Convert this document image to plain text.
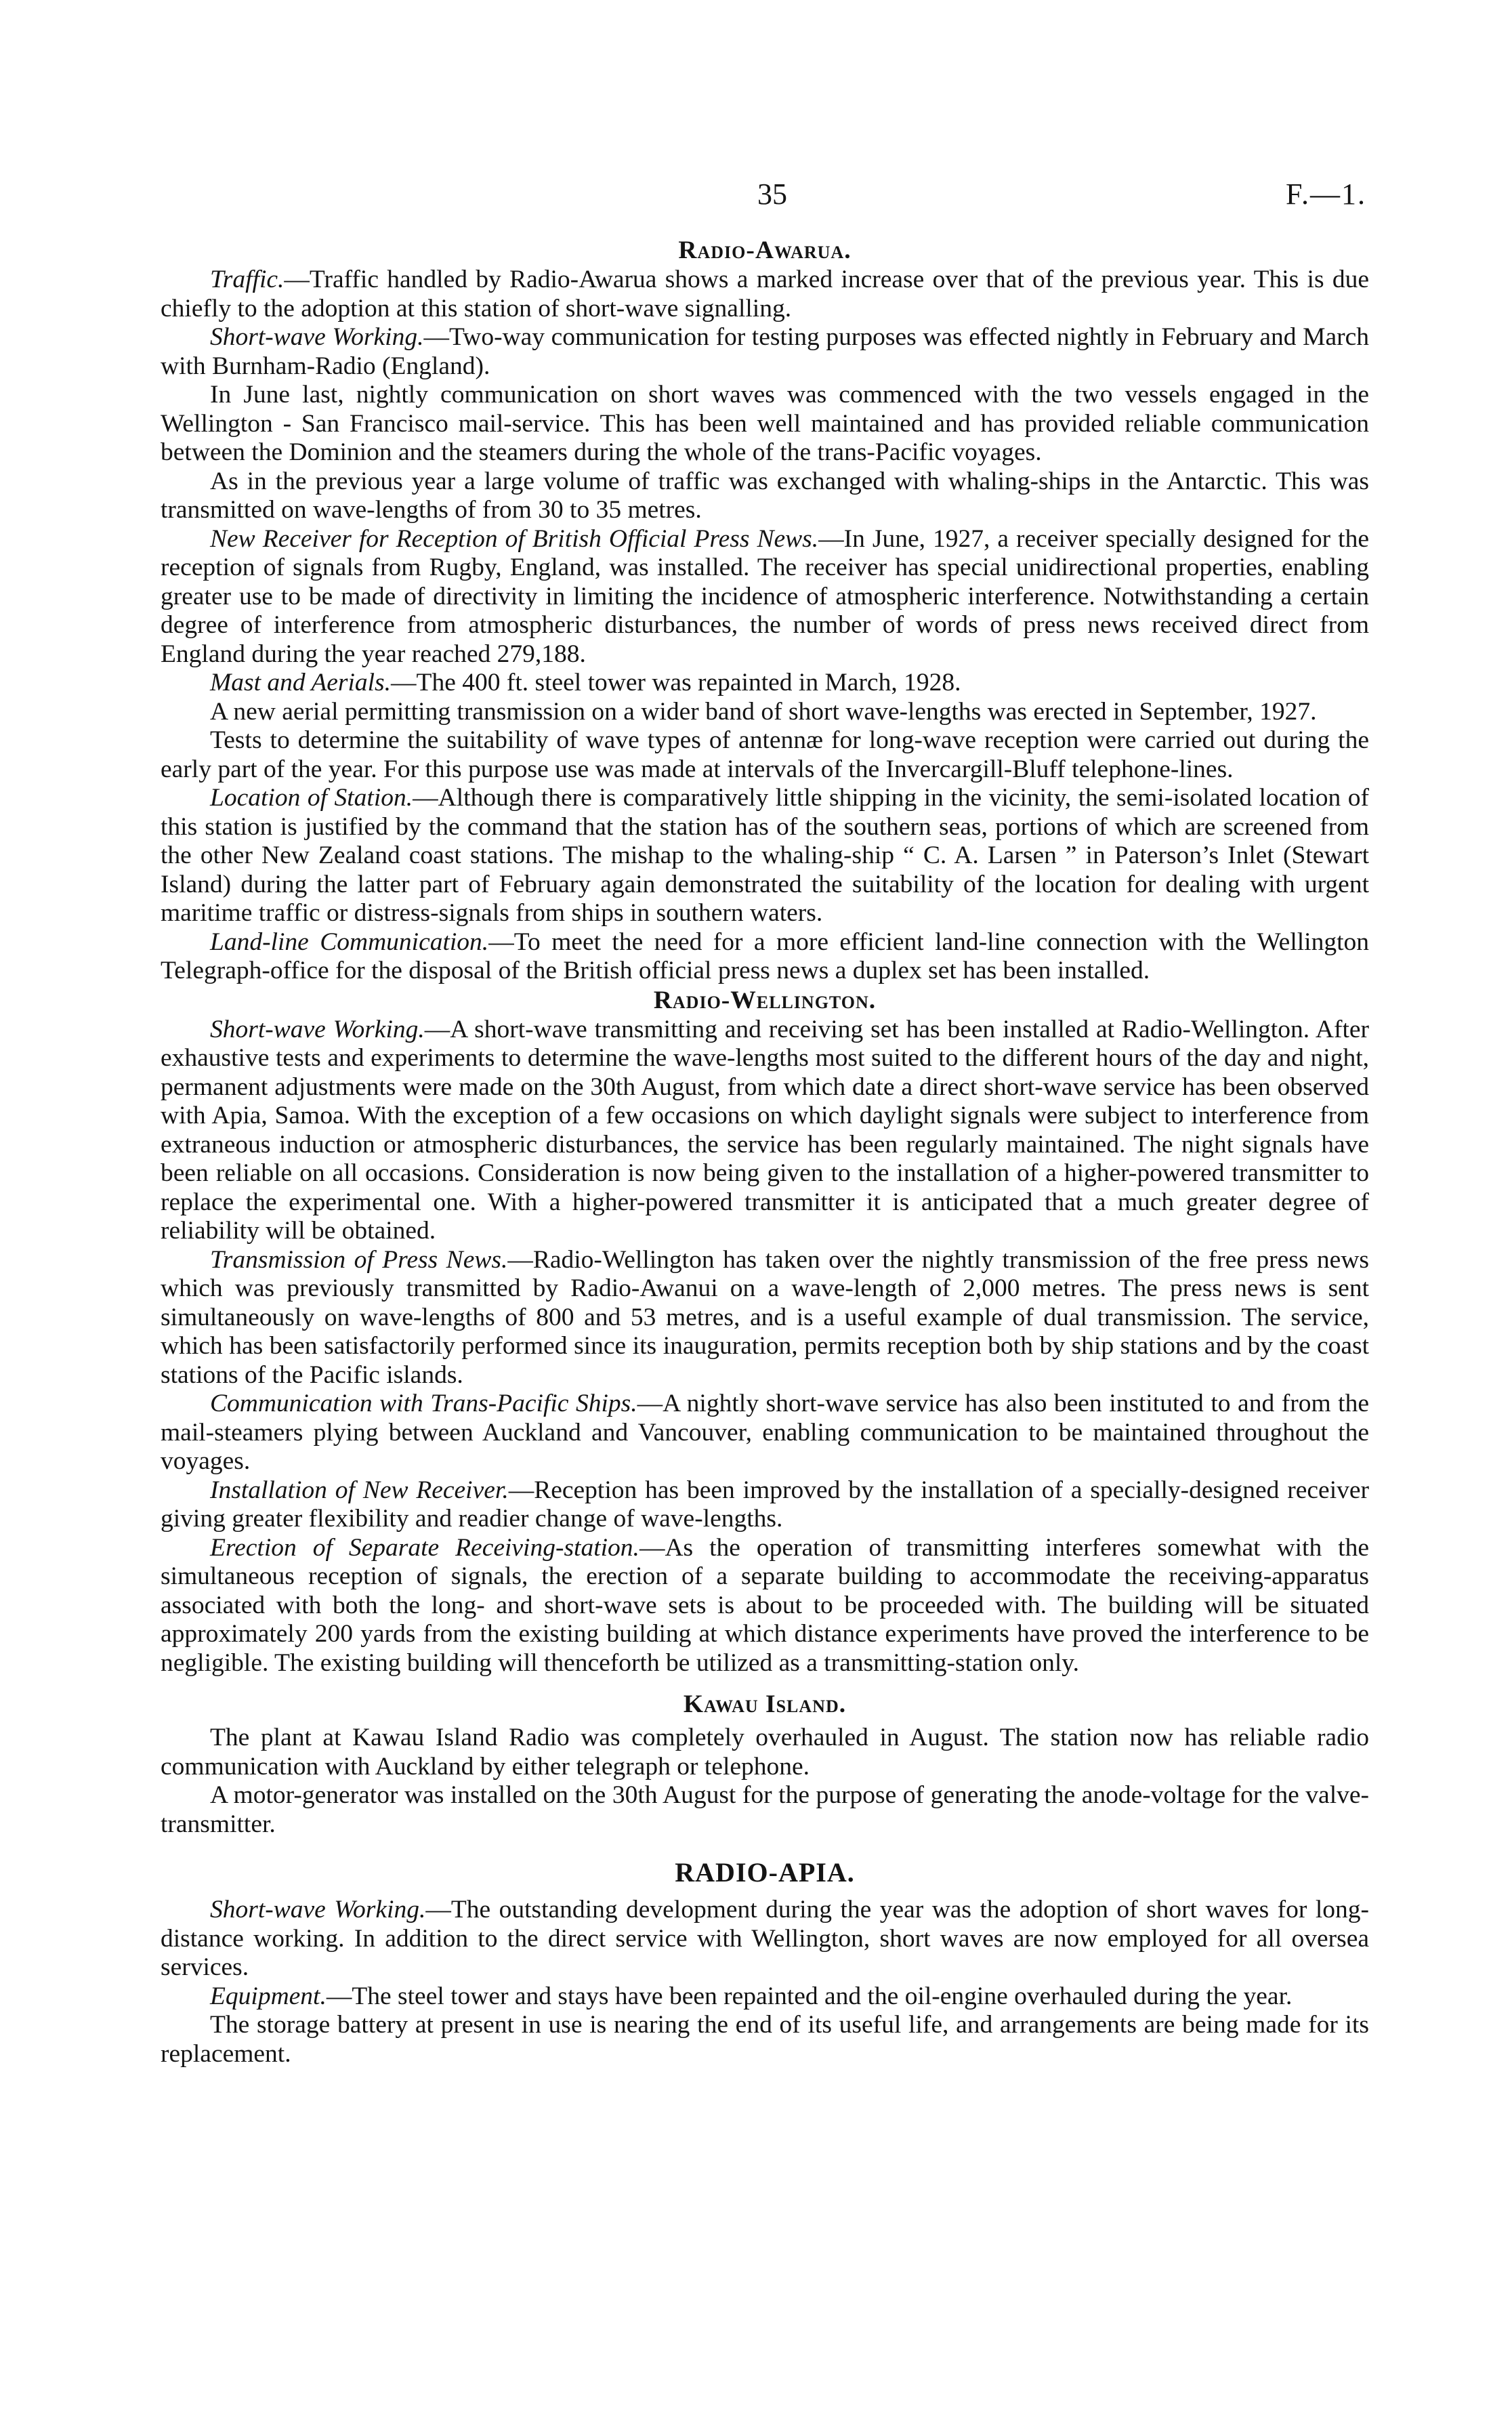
35	F.—1.
Radio-Awarua.

Traffic.—Traffic handled by Radio-Awarua shows a marked increase over that of the previous year. This is due chiefly to the adoption at this station of short-wave signalling.

Short-wave Working.—Two-way communication for testing purposes was effected nightly in February and March with Burnham-Radio (England).

In June last, nightly communication on short waves was commenced with the two vessels engaged in the Wellington - San Francisco mail-service. This has been well maintained and has provided reliable communication between the Dominion and the steamers during the whole of the trans-Pacific voyages.

As in the previous year a large volume of traffic was exchanged with whaling-ships in the Antarctic. This was transmitted on wave-lengths of from 30 to 35 metres.

New Receiver for Reception of British Official Press News.—In June, 1927, a receiver specially designed for the reception of signals from Rugby, England, was installed. The receiver has special unidirectional properties, enabling greater use to be made of directivity in limiting the incidence of atmospheric interference. Notwithstanding a certain degree of interference from atmospheric disturbances, the number of words of press news received direct from England during the year reached 279,188.

Mast and Aerials.—The 400 ft. steel tower was repainted in March, 1928.

A new aerial permitting transmission on a wider band of short wave-lengths was erected in September, 1927.

Tests to determine the suitability of wave types of antennæ for long-wave reception were carried out during the early part of the year. For this purpose use was made at intervals of the Invercargill-Bluff telephone-lines.

Location of Station.—Although there is comparatively little shipping in the vicinity, the semi-isolated location of this station is justified by the command that the station has of the southern seas, portions of which are screened from the other New Zealand coast stations. The mishap to the whaling-ship “ C. A. Larsen ” in Paterson’s Inlet (Stewart Island) during the latter part of February again demonstrated the suitability of the location for dealing with urgent maritime traffic or distress-signals from ships in southern waters.

Land-line Communication.—To meet the need for a more efficient land-line connection with the Wellington Telegraph-office for the disposal of the British official press news a duplex set has been installed.

Radio-Wellington.

Short-wave Working.—A short-wave transmitting and receiving set has been installed at Radio-Wellington. After exhaustive tests and experiments to determine the wave-lengths most suited to the different hours of the day and night, permanent adjustments were made on the 30th August, from which date a direct short-wave service has been observed with Apia, Samoa. With the exception of a few occasions on which daylight signals were subject to interference from extraneous induction or atmospheric disturbances, the service has been regularly maintained. The night signals have been reliable on all occasions. Consideration is now being given to the installation of a higher-powered transmitter to replace the experimental one. With a higher-powered transmitter it is anticipated that a much greater degree of reliability will be obtained.

Transmission of Press News.—Radio-Wellington has taken over the nightly transmission of the free press news which was previously transmitted by Radio-Awanui on a wave-length of 2,000 metres. The press news is sent simultaneously on wave-lengths of 800 and 53 metres, and is a useful example of dual transmission. The service, which has been satisfactorily performed since its inauguration, permits reception both by ship stations and by the coast stations of the Pacific islands.

Communication with Trans-Pacific Ships.—A nightly short-wave service has also been instituted to and from the mail-steamers plying between Auckland and Vancouver, enabling communication to be maintained throughout the voyages.

Installation of New Receiver.—Reception has been improved by the installation of a specially-designed receiver giving greater flexibility and readier change of wave-lengths.

Erection of Separate Receiving-station.—As the operation of transmitting interferes somewhat with the simultaneous reception of signals, the erection of a separate building to accommodate the receiving-apparatus associated with both the long- and short-wave sets is about to be proceeded with. The building will be situated approximately 200 yards from the existing building at which distance experiments have proved the interference to be negligible. The existing building will thenceforth be utilized as a transmitting-station only.

Kawau Island.

The plant at Kawau Island Radio was completely overhauled in August. The station now has reliable radio communication with Auckland by either telegraph or telephone.

A motor-generator was installed on the 30th August for the purpose of generating the anode-voltage for the valve-transmitter.

RADIO-APIA.

Short-wave Working.—The outstanding development during the year was the adoption of short waves for long-distance working. In addition to the direct service with Wellington, short waves are now employed for all oversea services.

Equipment.—The steel tower and stays have been repainted and the oil-engine overhauled during the year.

The storage battery at present in use is nearing the end of its useful life, and arrangements are being made for its replacement.
